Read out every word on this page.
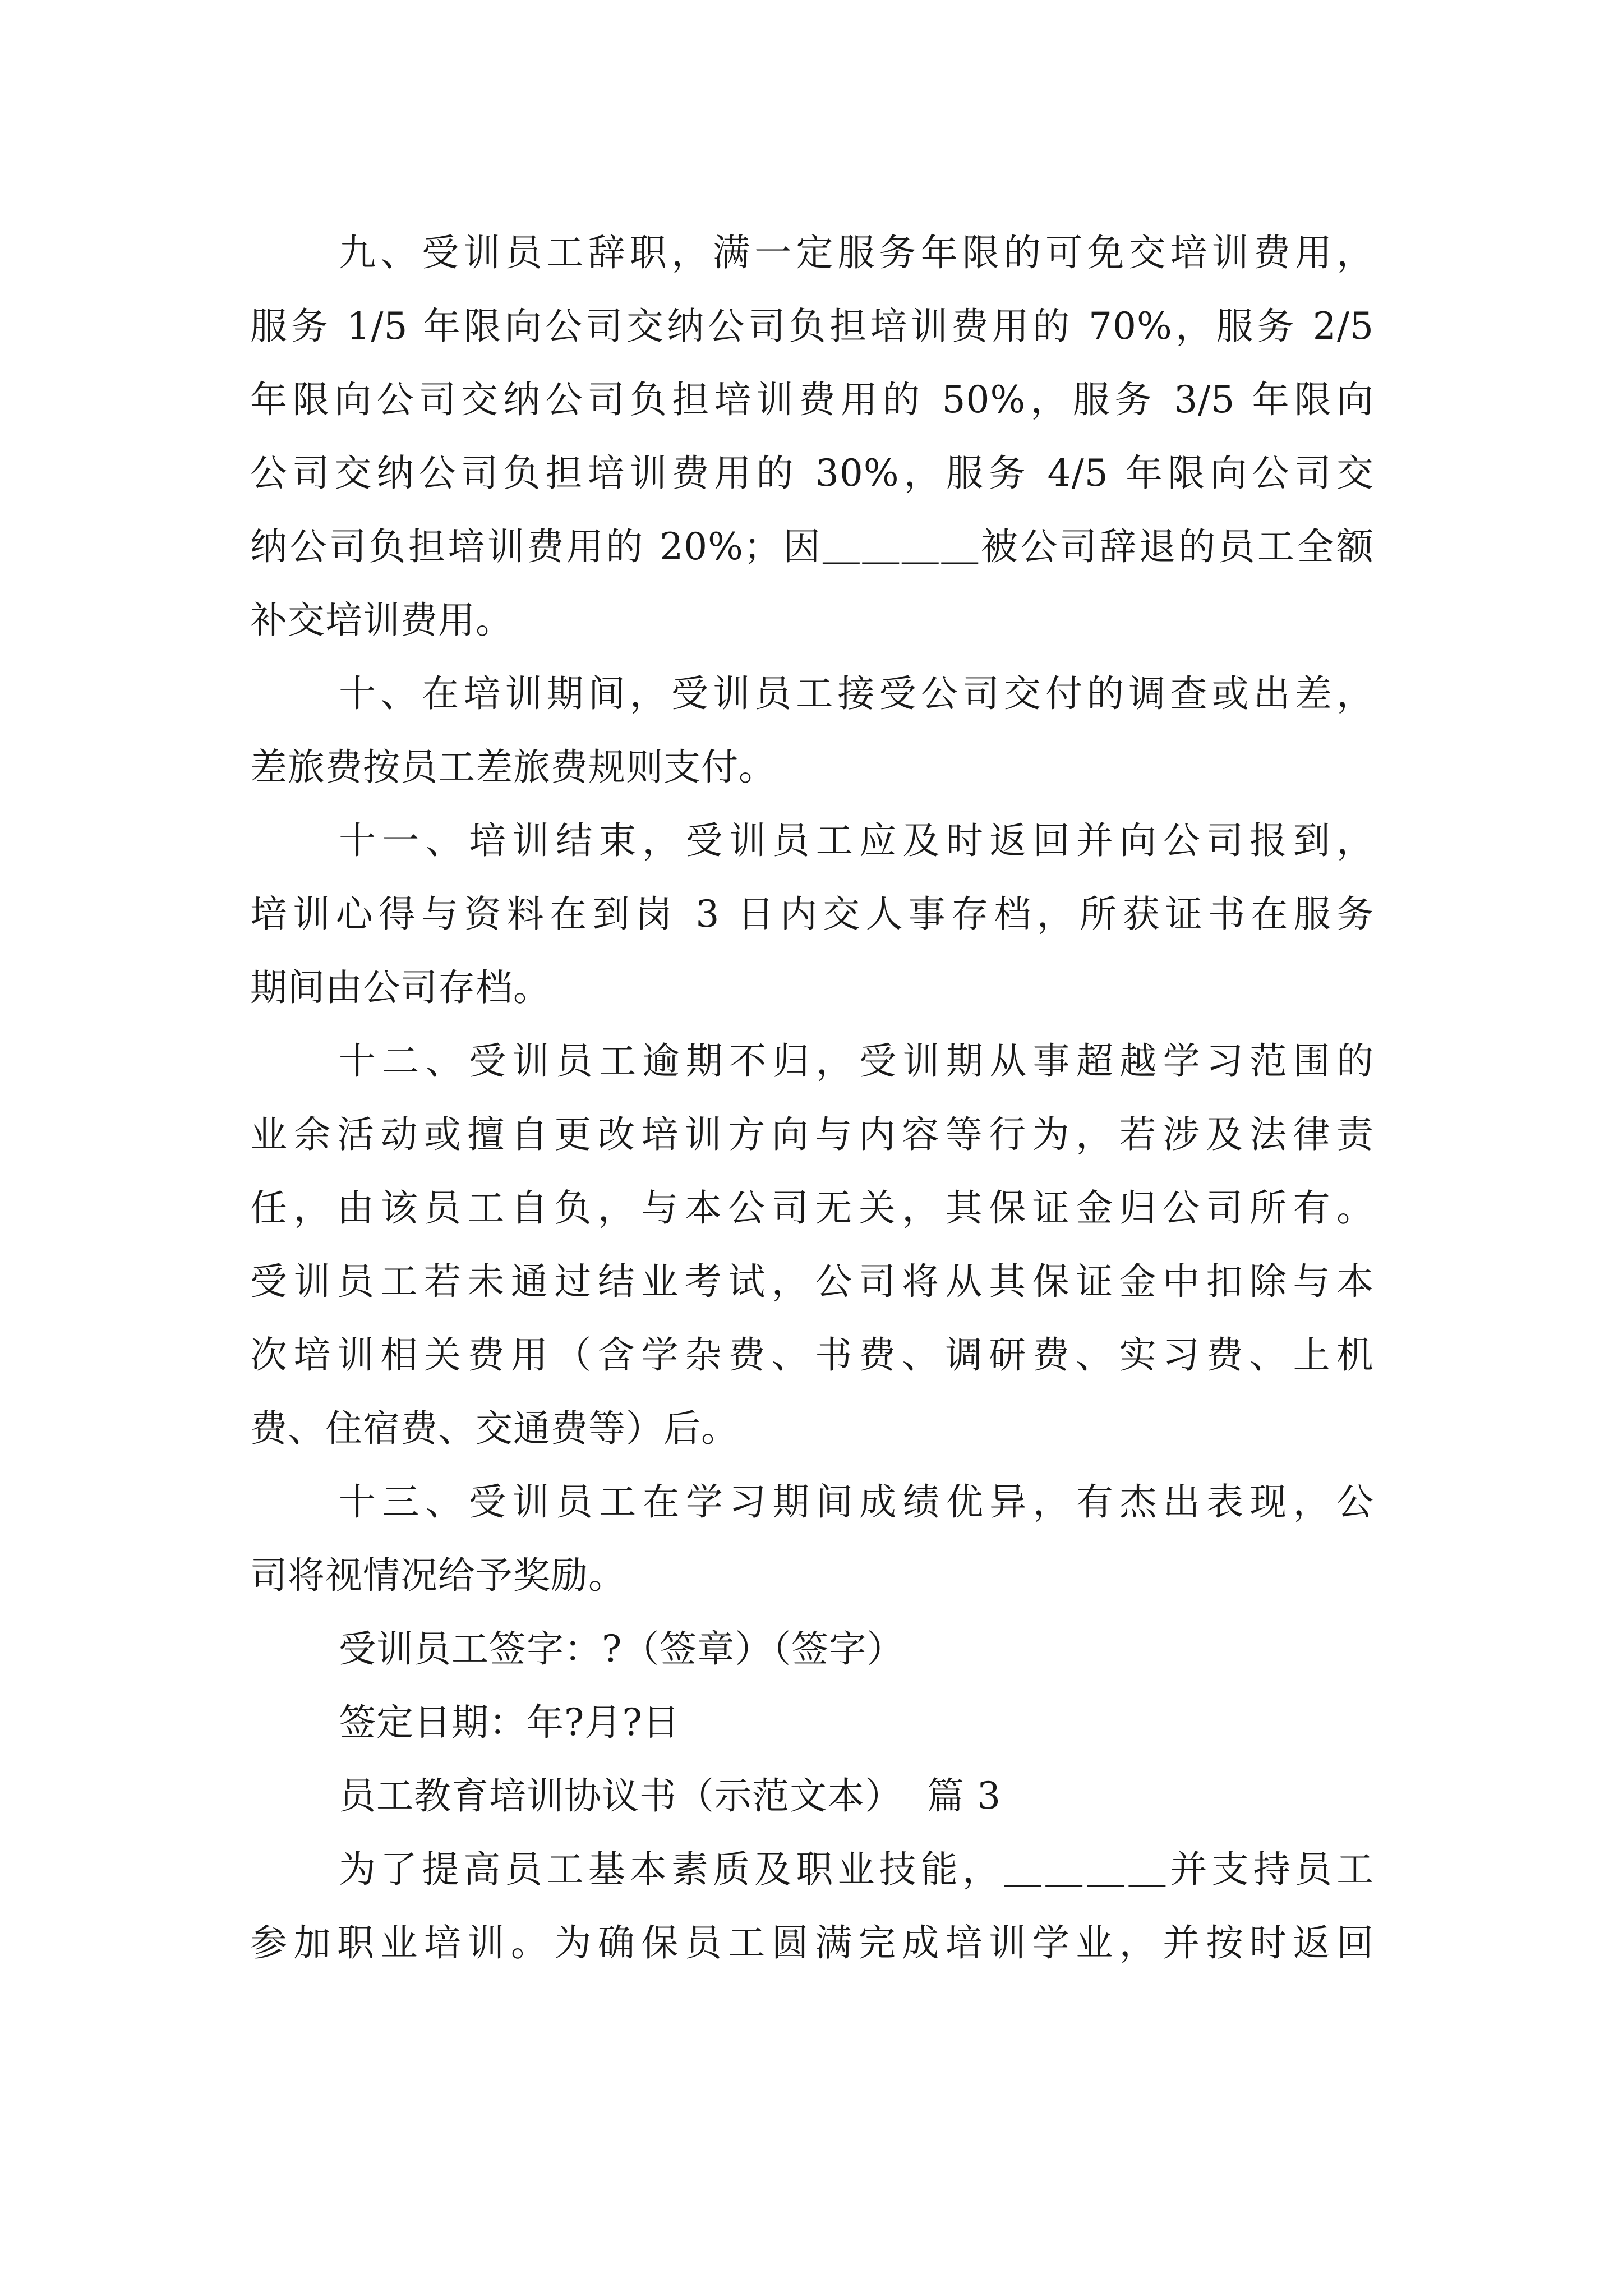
九、受训员工辞职，满一定服务年限的可免交培训费用，
服务 1/5 年限向公司交纳公司负担培训费用的 70%，服务 2/5
年限向公司交纳公司负担培训费用的 50%，服务 3/5 年限向
公司交纳公司负担培训费用的 30%，服务 4/5 年限向公司交
纳公司负担培训费用的 20%；因＿＿＿＿被公司辞退的员工全额
补交培训费用。
十、在培训期间，受训员工接受公司交付的调查或出差，
差旅费按员工差旅费规则支付。
十一、培训结束，受训员工应及时返回并向公司报到，
培训心得与资料在到岗 3 日内交人事存档，所获证书在服务
期间由公司存档。
十二、受训员工逾期不归，受训期从事超越学习范围的
业余活动或擅自更改培训方向与内容等行为，若涉及法律责
任，由该员工自负，与本公司无关，其保证金归公司所有。
受训员工若未通过结业考试，公司将从其保证金中扣除与本
次培训相关费用（含学杂费、书费、调研费、实习费、上机
费、住宿费、交通费等）后。
十三、受训员工在学习期间成绩优异，有杰出表现，公
司将视情况给予奖励。
受训员工签字：?（签章）（签字）
签定日期：年?月?日
员工教育培训协议书（示范文本）  篇 3
为了提高员工基本素质及职业技能，＿＿＿＿并支持员工
参加职业培训。为确保员工圆满完成培训学业，并按时返回
